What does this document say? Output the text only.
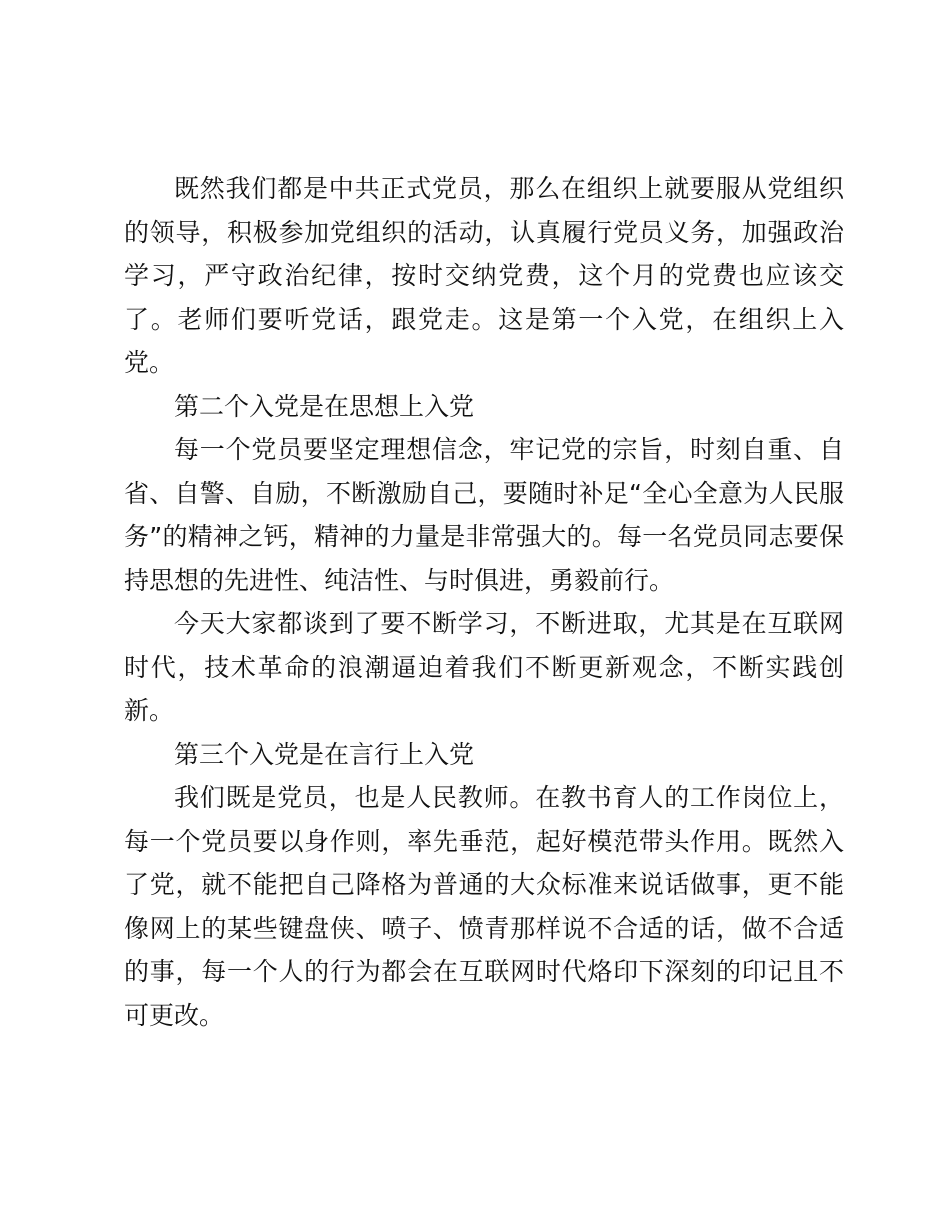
既然我们都是中共正式党员，那么在组织上就要服从党组织的领导，积极参加党组织的活动，认真履行党员义务，加强政治学习，严守政治纪律，按时交纳党费，这个月的党费也应该交了。老师们要听党话，跟党走。这是第一个入党，在组织上入党。

第二个入党是在思想上入党

每一个党员要坚定理想信念，牢记党的宗旨，时刻自重、自省、自警、自励，不断激励自己，要随时补足“全心全意为人民服务”的精神之钙，精神的力量是非常强大的。每一名党员同志要保持思想的先进性、纯洁性、与时俱进，勇毅前行。

今天大家都谈到了要不断学习，不断进取，尤其是在互联网时代，技术革命的浪潮逼迫着我们不断更新观念，不断实践创新。

第三个入党是在言行上入党

我们既是党员，也是人民教师。在教书育人的工作岗位上，每一个党员要以身作则，率先垂范，起好模范带头作用。既然入了党，就不能把自己降格为普通的大众标准来说话做事，更不能像网上的某些键盘侠、喷子、愤青那样说不合适的话，做不合适的事，每一个人的行为都会在互联网时代烙印下深刻的印记且不可更改。
